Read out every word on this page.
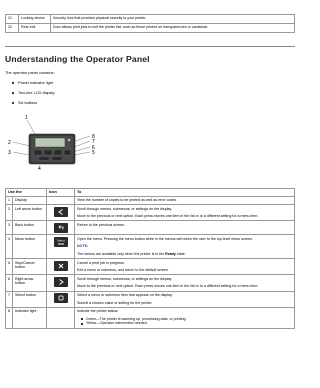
21	Locking device	Security lock that provides physical security to your printer.
22	Rear exit	Door allows print jobs to exit the printer flat, such as those printed on transparencies or cardstock.
Understanding the Operator Panel
The operator panel contains:
Power indicator light
Two-line LCD display
Six buttons
1
2
3
4
5
6
7
8
Use the		Icon	To
1	Display		View the number of copies to be printed as well as error codes.
2	Left arrow button		Scroll through menus, submenus, or settings on the display.
Move to the previous or next option. Each press moves one item in the list or to a different setting for a menu item.

3	Back button		Return to the previous screen.
4	Menu button	Menu	Open the menu. Pressing the menu button while in the menus will return the user to the top level menu screen.
NOTE:
The menus are available only when the printer is in the Ready state.

5	Stop/Cancel button		Cancel a print job in progress.
Exit a menu or submenu, and return to the default screen.

6	Right arrow button		Scroll through menus, submenus, or settings on the display.
Move to the previous or next option. Each press moves one item in the list or to a different setting for a menu item.

7	Select button		Select a menu or submenu item that appears on the display.
Submit a chosen value or setting for the printer.

8	Indicator light		Indicate the printer status:
Green—The printer is warming up, processing data, or printing.
Yellow—Operator intervention needed.
